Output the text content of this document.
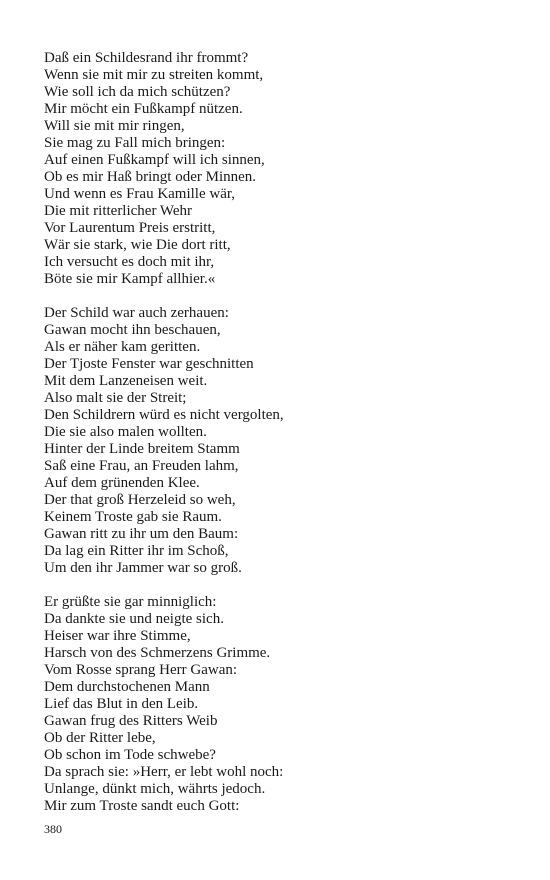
Daß ein Schildesrand ihr frommt?
Wenn sie mit mir zu streiten kommt,
Wie soll ich da mich schützen?
Mir möcht ein Fußkampf nützen.
Will sie mit mir ringen,
Sie mag zu Fall mich bringen:
Auf einen Fußkampf will ich sinnen,
Ob es mir Haß bringt oder Minnen.
Und wenn es Frau Kamille wär,
Die mit ritterlicher Wehr
Vor Laurentum Preis erstritt,
Wär sie stark, wie Die dort ritt,
Ich versucht es doch mit ihr,
Böte sie mir Kampf allhier.«
Der Schild war auch zerhauen:
Gawan mocht ihn beschauen,
Als er näher kam geritten.
Der Tjoste Fenster war geschnitten
Mit dem Lanzeneisen weit.
Also malt sie der Streit;
Den Schildrern würd es nicht vergolten,
Die sie also malen wollten.
Hinter der Linde breitem Stamm
Saß eine Frau, an Freuden lahm,
Auf dem grünenden Klee.
Der that groß Herzeleid so weh,
Keinem Troste gab sie Raum.
Gawan ritt zu ihr um den Baum:
Da lag ein Ritter ihr im Schoß,
Um den ihr Jammer war so groß.
Er grüßte sie gar minniglich:
Da dankte sie und neigte sich.
Heiser war ihre Stimme,
Harsch von des Schmerzens Grimme.
Vom Rosse sprang Herr Gawan:
Dem durchstochenen Mann
Lief das Blut in den Leib.
Gawan frug des Ritters Weib
Ob der Ritter lebe,
Ob schon im Tode schwebe?
Da sprach sie: »Herr, er lebt wohl noch:
Unlange, dünkt mich, währts jedoch.
Mir zum Troste sandt euch Gott:
380
